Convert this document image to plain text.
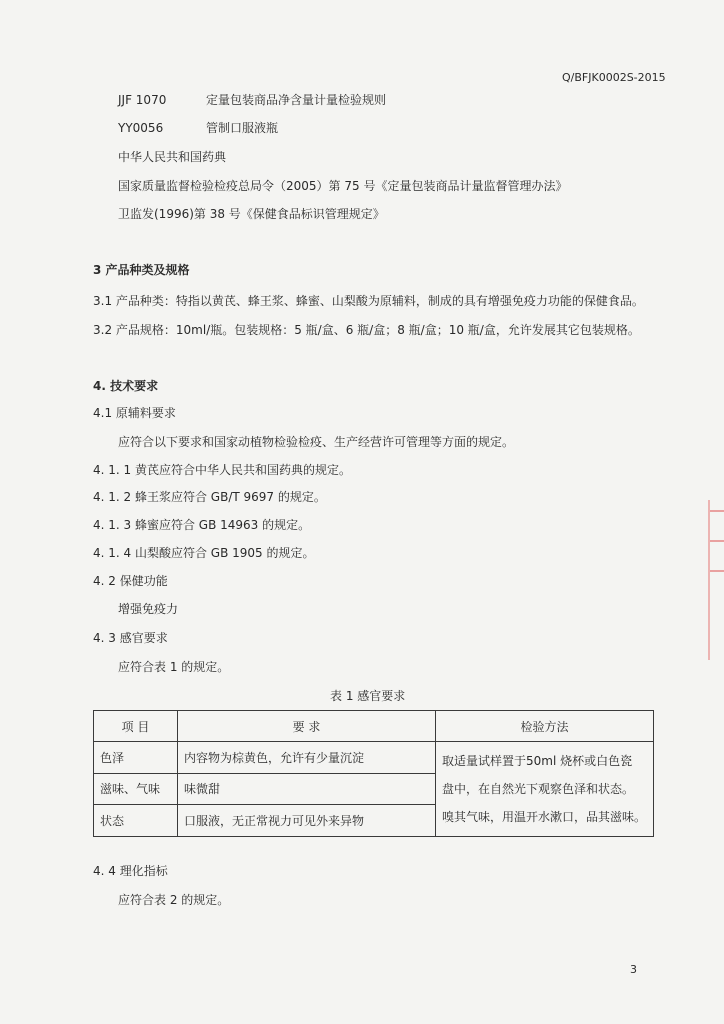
Q/BFJK0002S-2015
JJF 1070	定量包装商品净含量计量检验规则
YY0056	管制口服液瓶
中华人民共和国药典
国家质量监督检验检疫总局令（2005）第 75 号《定量包装商品计量监督管理办法》
卫监发(1996)第 38 号《保健食品标识管理规定》
3 产品种类及规格
3.1 产品种类：特指以黄芪、蜂王浆、蜂蜜、山梨酸为原辅料，制成的具有增强免疫力功能的保健食品。
3.2 产品规格：10ml/瓶。包装规格：5 瓶/盒、6 瓶/盒；8 瓶/盒；10 瓶/盒，允许发展其它包装规格。
4. 技术要求
4.1 原辅料要求
应符合以下要求和国家动植物检验检疫、生产经营许可管理等方面的规定。
4. 1. 1 黄芪应符合中华人民共和国药典的规定。
4. 1. 2 蜂王浆应符合 GB/T 9697 的规定。
4. 1. 3 蜂蜜应符合 GB 14963 的规定。
4. 1. 4 山梨酸应符合 GB 1905 的规定。
4. 2 保健功能
增强免疫力
4. 3 感官要求
应符合表 1 的规定。
表 1 感官要求
项 目	要 求	检验方法
色泽	内容物为棕黄色，允许有少量沉淀	取适量试样置于50ml 烧杯或白色瓷
盘中，在自然光下观察色泽和状态。
嗅其气味，用温开水漱口，品其滋味。

滋味、气味	味微甜	
状态	口服液，无正常视力可见外来异物	
4. 4 理化指标
应符合表 2 的规定。
3
